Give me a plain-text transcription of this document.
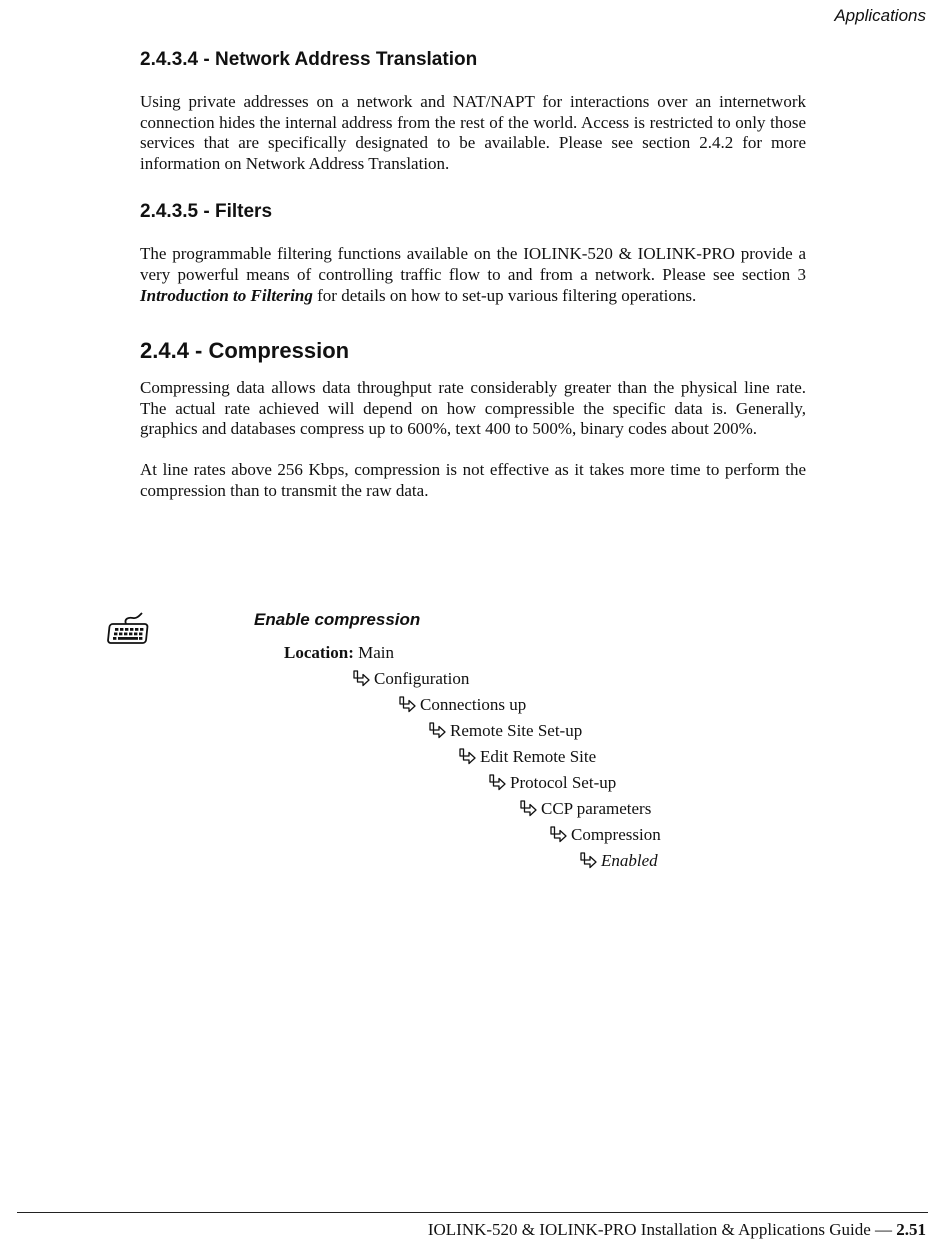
Applications
2.4.3.4 - Network Address Translation

Using private addresses on a network and NAT/NAPT for interactions over an internetwork connection hides the internal address from the rest of the world. Access is restricted to only those services that are specifically designated to be available. Please see section 2.4.2 for more information on Network Address Translation.

2.4.3.5 - Filters

The programmable filtering functions available on the IOLINK-520 & IOLINK-PRO provide a very powerful means of controlling traffic flow to and from a network. Please see section 3 Introduction to Filtering for details on how to set-up various filtering operations.

2.4.4 - Compression

Compressing data allows data throughput rate considerably greater than the physical line rate. The actual rate achieved will depend on how compressible the specific data is. Generally, graphics and databases compress up to 600%, text 400 to 500%, binary codes about 200%.

At line rates above 256 Kbps, compression is not effective as it takes more time to perform the compression than to transmit the raw data.

Enable compression
Location: Main
Configuration
Connections up
Remote Site Set-up
Edit Remote Site
Protocol Set-up
CCP parameters
Compression
Enabled
IOLINK-520 & IOLINK-PRO Installation & Applications Guide — 2.51
